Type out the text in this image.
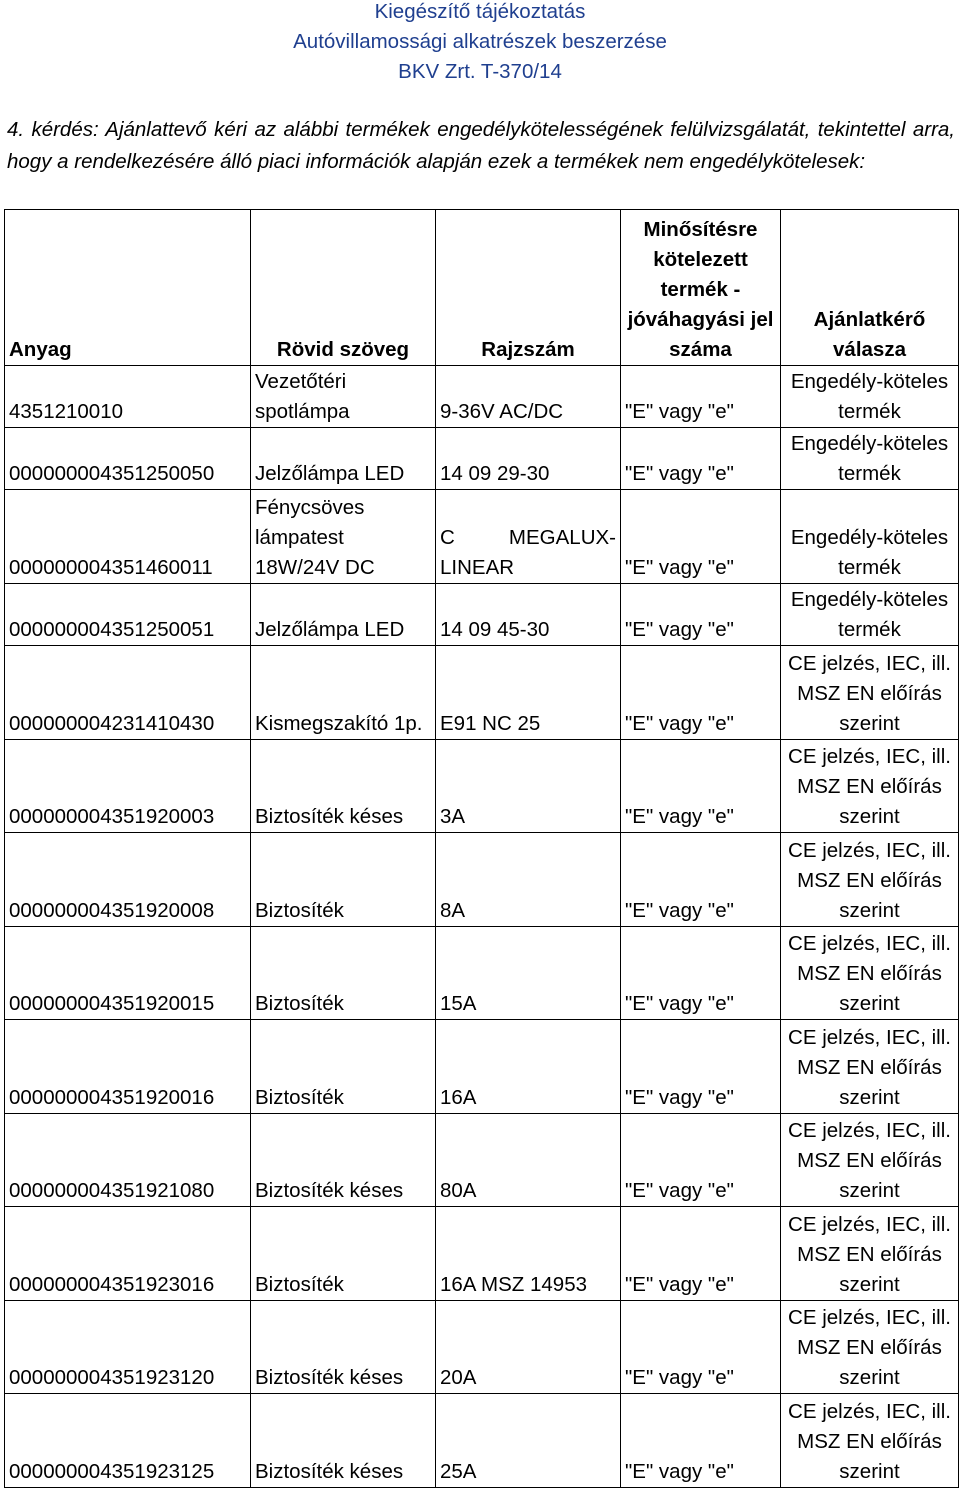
Kiegészítő tájékoztatás
Autóvillamossági alkatrészek beszerzése
BKV Zrt. T-370/14
4. kérdés: Ajánlattevő kéri az alábbi termékek engedélykötelességének felülvizsgálatát, tekintettel arra, hogy a rendelkezésére álló piaci információk alapján ezek a termékek nem engedélykötelesek:
Anyag	Rövid szöveg	Rajzszám	Minősítésre kötelezett termék - jóváhagyási jel száma	Ajánlatkérő válasza
4351210010	Vezetőtéri spotlámpa	9-36V AC/DC	"E" vagy "e"	Engedély-köteles termék
000000004351250050	Jelzőlámpa LED	14 09 29-30	"E" vagy "e"	Engedély-köteles termék
000000004351460011	Fénycsöves lámpatest 18W/24V DC	C MEGALUX-LINEAR	"E" vagy "e"	Engedély-köteles termék
000000004351250051	Jelzőlámpa LED	14 09 45-30	"E" vagy "e"	Engedély-köteles termék
000000004231410430	Kismegszakító 1p.	E91 NC 25	"E" vagy "e"	CE jelzés, IEC, ill. MSZ EN előírás szerint
000000004351920003	Biztosíték késes	3A	"E" vagy "e"	CE jelzés, IEC, ill. MSZ EN előírás szerint
000000004351920008	Biztosíték	8A	"E" vagy "e"	CE jelzés, IEC, ill. MSZ EN előírás szerint
000000004351920015	Biztosíték	15A	"E" vagy "e"	CE jelzés, IEC, ill. MSZ EN előírás szerint
000000004351920016	Biztosíték	16A	"E" vagy "e"	CE jelzés, IEC, ill. MSZ EN előírás szerint
000000004351921080	Biztosíték késes	80A	"E" vagy "e"	CE jelzés, IEC, ill. MSZ EN előírás szerint
000000004351923016	Biztosíték	16A MSZ 14953	"E" vagy "e"	CE jelzés, IEC, ill. MSZ EN előírás szerint
000000004351923120	Biztosíték késes	20A	"E" vagy "e"	CE jelzés, IEC, ill. MSZ EN előírás szerint
000000004351923125	Biztosíték késes	25A	"E" vagy "e"	CE jelzés, IEC, ill. MSZ EN előírás szerint
